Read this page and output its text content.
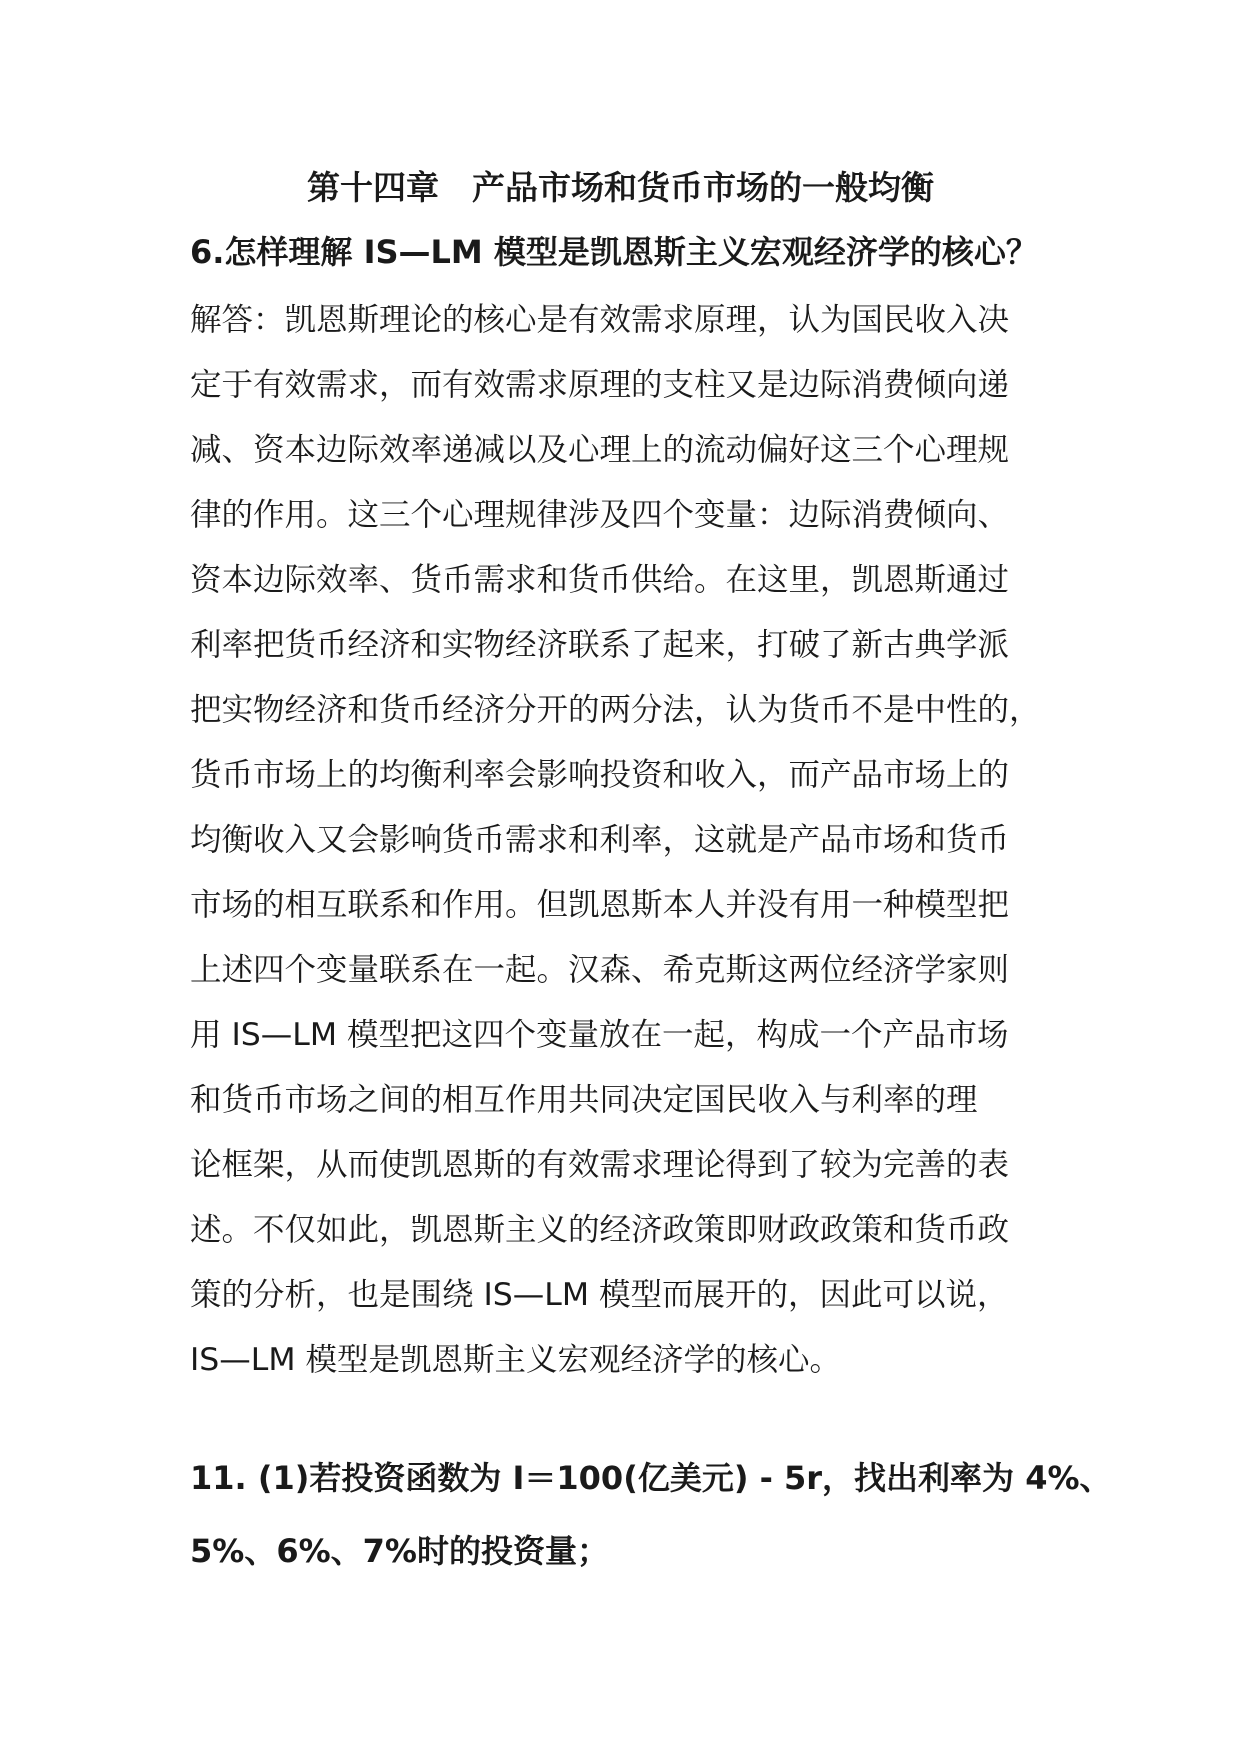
第十四章　产品市场和货币市场的一般均衡

6.怎样理解 IS—LM 模型是凯恩斯主义宏观经济学的核心？

解答：凯恩斯理论的核心是有效需求原理，认为国民收入决
定于有效需求，而有效需求原理的支柱又是边际消费倾向递
减、资本边际效率递减以及心理上的流动偏好这三个心理规
律的作用。这三个心理规律涉及四个变量：边际消费倾向、
资本边际效率、货币需求和货币供给。在这里，凯恩斯通过
利率把货币经济和实物经济联系了起来，打破了新古典学派
把实物经济和货币经济分开的两分法，认为货币不是中性的，
货币市场上的均衡利率会影响投资和收入，而产品市场上的
均衡收入又会影响货币需求和利率，这就是产品市场和货币
市场的相互联系和作用。但凯恩斯本人并没有用一种模型把
上述四个变量联系在一起。汉森、希克斯这两位经济学家则
用 IS—LM 模型把这四个变量放在一起，构成一个产品市场
和货币市场之间的相互作用共同决定国民收入与利率的理
论框架，从而使凯恩斯的有效需求理论得到了较为完善的表
述。不仅如此，凯恩斯主义的经济政策即财政政策和货币政
策的分析，也是围绕 IS—LM 模型而展开的，因此可以说，
IS—LM 模型是凯恩斯主义宏观经济学的核心。
11. (1)若投资函数为 I＝100(亿美元) - 5r，找出利率为 4%、
5%、6%、7%时的投资量；
